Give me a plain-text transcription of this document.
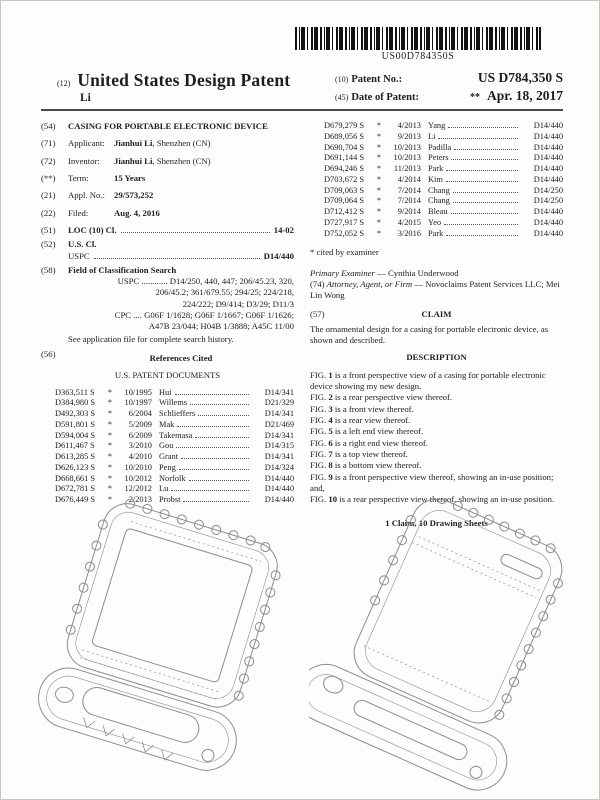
US00D784350S
(12) United States Design Patent
Li
(10) Patent No.:	US D784,350 S
(45) Date of Patent:	** Apr. 18, 2017
(54)	CASING FOR PORTABLE ELECTRONIC DEVICE
(71)	Applicant:	Jianhui Li, Shenzhen (CN)
(72)	Inventor:	Jianhui Li, Shenzhen (CN)
(**)	Term:	15 Years
(21)	Appl. No.:	29/573,252
(22)	Filed:	Aug. 4, 2016
(51)	LOC (10) Cl.	14-02
(52)	U.S. Cl.
USPC	D14/440
(58)	Field of Classification Search
USPC ............ D14/250, 440, 447; 206/45.23, 320,
206/45.2; 361/679.55; 294/25; 224/218,
224/222; D9/414; D3/29; D11/3
CPC .... G06F 1/1628; G06F 1/1667; G06F 1/1626;
A47B 23/044; H04B 1/3888; A45C 11/00
See application file for complete search history.
(56)	References Cited
U.S. PATENT DOCUMENTS
D363,511 S	*	10/1995 Hui	D14/341
D384,980 S	*	10/1997 Willems	D21/329
D492,303 S	*	6/2004 Schlieffers	D14/341
D591,801 S	*	5/2009 Mak	D21/469
D594,004 S	*	6/2009 Takemasa	D14/341
D611,467 S	*	3/2010 Gou	D14/315
D613,285 S	*	4/2010 Grant	D14/341
D626,123 S	*	10/2010 Peng	D14/324
D668,661 S	*	10/2012 Norfolk	D14/440
D672,781 S	*	12/2012 Lu	D14/440
D676,449 S	*	2/2013 Probst	D14/440
D679,279 S	*	4/2013 Yang	D14/440
D689,056 S	*	9/2013 Li	D14/440
D690,704 S	*	10/2013 Padilla	D14/440
D691,144 S	*	10/2013 Peters	D14/440
D694,246 S	*	11/2013 Park	D14/440
D703,672 S	*	4/2014 Kim	D14/440
D709,063 S	*	7/2014 Chang	D14/250
D709,064 S	*	7/2014 Chang	D14/250
D712,412 S	*	9/2014 Bleau	D14/440
D727,917 S	*	4/2015 Yeo	D14/440
D752,052 S	*	3/2016 Park	D14/440
* cited by examiner
Primary Examiner — Cynthia Underwood
(74) Attorney, Agent, or Firm — Novoclaims Patent Services LLC; Mei Lin Wong
(57)	CLAIM
The ornamental design for a casing for portable electronic device, as shown and described.
DESCRIPTION
FIG. 1 is a front perspective view of a casing for portable electronic device showing my new design.
FIG. 2 is a rear perspective view thereof.
FIG. 3 is a front view thereof.
FIG. 4 is a rear view thereof.
FIG. 5 is a left end view thereof.
FIG. 6 is a right end view thereof.
FIG. 7 is a top view thereof.
FIG. 8 is a bottom view thereof.
FIG. 9 is a front perspective view thereof, showing an in-use position; and,
FIG. 10 is a rear perspective view thereof, showing an in-use position.
1 Claim, 10 Drawing Sheets
